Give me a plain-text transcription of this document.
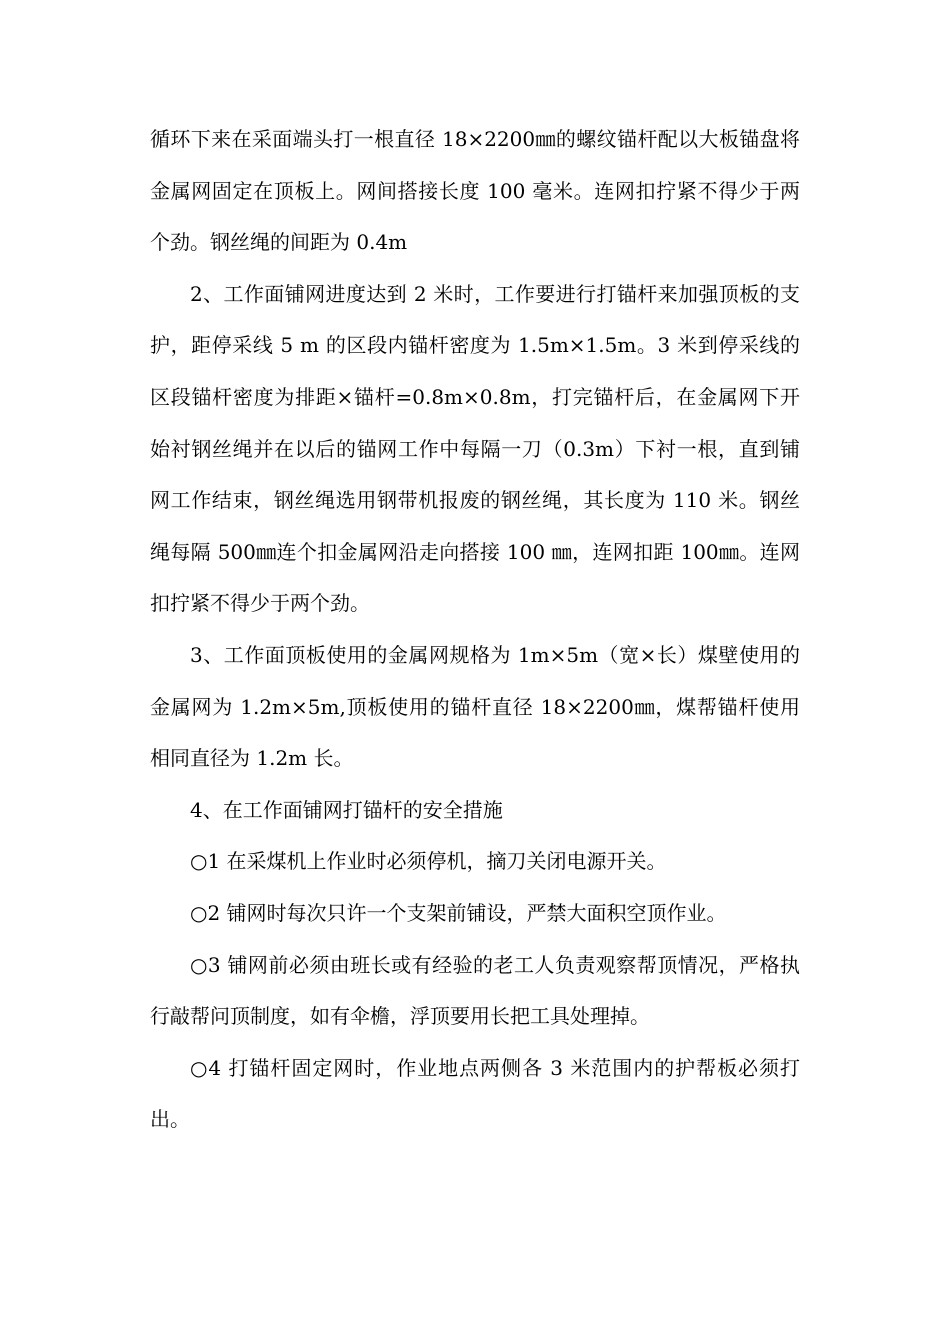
循环下来在采面端头打一根直径 18×2200㎜的螺纹锚杆配以大板锚盘将金属网固定在顶板上。网间搭接长度 100 毫米。连网扣拧紧不得少于两个劲。钢丝绳的间距为 0.4m

2、工作面铺网进度达到 2 米时，工作要进行打锚杆来加强顶板的支护，距停采线 5 m 的区段内锚杆密度为 1.5m×1.5m。3 米到停采线的区段锚杆密度为排距×锚杆=0.8m×0.8m，打完锚杆后，在金属网下开始衬钢丝绳并在以后的锚网工作中每隔一刀（0.3m）下衬一根，直到铺网工作结束，钢丝绳选用钢带机报废的钢丝绳，其长度为 110 米。钢丝绳每隔 500㎜连个扣金属网沿走向搭接 100 ㎜，连网扣距 100㎜。连网扣拧紧不得少于两个劲。

3、工作面顶板使用的金属网规格为 1m×5m（宽×长）煤壁使用的金属网为 1.2m×5m,顶板使用的锚杆直径 18×2200㎜，煤帮锚杆使用相同直径为 1.2m 长。

4、在工作面铺网打锚杆的安全措施

○1 在采煤机上作业时必须停机，摘刀关闭电源开关。

○2 铺网时每次只许一个支架前铺设，严禁大面积空顶作业。

○3 铺网前必须由班长或有经验的老工人负责观察帮顶情况，严格执行敲帮问顶制度，如有伞檐，浮顶要用长把工具处理掉。

○4 打锚杆固定网时，作业地点两侧各 3 米范围内的护帮板必须打出。
